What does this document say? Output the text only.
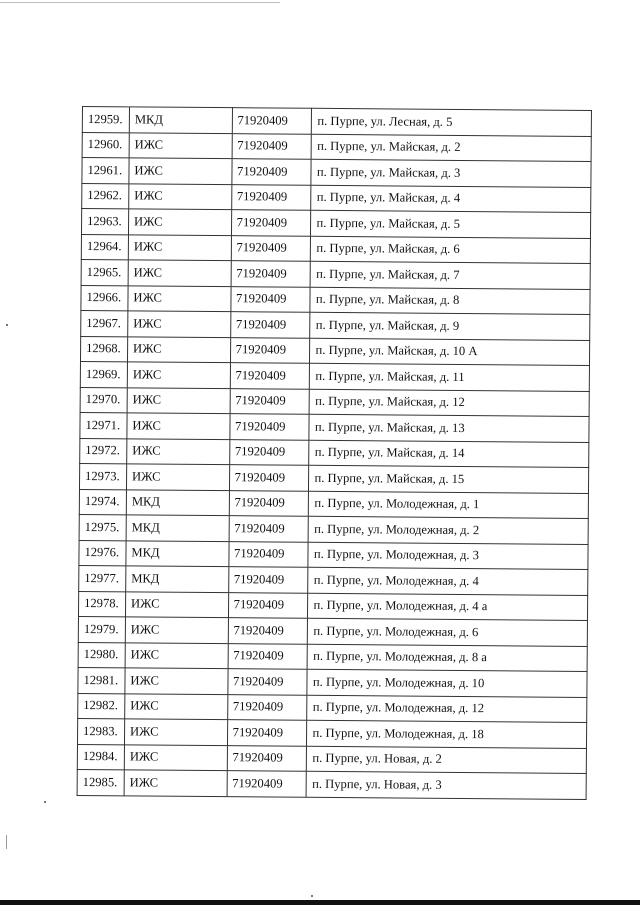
12959.	МКД	71920409	п. Пурпе, ул. Лесная, д. 5
12960.	ИЖС	71920409	п. Пурпе, ул. Майская, д. 2
12961.	ИЖС	71920409	п. Пурпе, ул. Майская, д. 3
12962.	ИЖС	71920409	п. Пурпе, ул. Майская, д. 4
12963.	ИЖС	71920409	п. Пурпе, ул. Майская, д. 5
12964.	ИЖС	71920409	п. Пурпе, ул. Майская, д. 6
12965.	ИЖС	71920409	п. Пурпе, ул. Майская, д. 7
12966.	ИЖС	71920409	п. Пурпе, ул. Майская, д. 8
12967.	ИЖС	71920409	п. Пурпе, ул. Майская, д. 9
12968.	ИЖС	71920409	п. Пурпе, ул. Майская, д. 10 А
12969.	ИЖС	71920409	п. Пурпе, ул. Майская, д. 11
12970.	ИЖС	71920409	п. Пурпе, ул. Майская, д. 12
12971.	ИЖС	71920409	п. Пурпе, ул. Майская, д. 13
12972.	ИЖС	71920409	п. Пурпе, ул. Майская, д. 14
12973.	ИЖС	71920409	п. Пурпе, ул. Майская, д. 15
12974.	МКД	71920409	п. Пурпе, ул. Молодежная, д. 1
12975.	МКД	71920409	п. Пурпе, ул. Молодежная, д. 2
12976.	МКД	71920409	п. Пурпе, ул. Молодежная, д. 3
12977.	МКД	71920409	п. Пурпе, ул. Молодежная, д. 4
12978.	ИЖС	71920409	п. Пурпе, ул. Молодежная, д. 4 а
12979.	ИЖС	71920409	п. Пурпе, ул. Молодежная, д. 6
12980.	ИЖС	71920409	п. Пурпе, ул. Молодежная, д. 8 а
12981.	ИЖС	71920409	п. Пурпе, ул. Молодежная, д. 10
12982.	ИЖС	71920409	п. Пурпе, ул. Молодежная, д. 12
12983.	ИЖС	71920409	п. Пурпе, ул. Молодежная, д. 18
12984.	ИЖС	71920409	п. Пурпе, ул. Новая, д. 2
12985.	ИЖС	71920409	п. Пурпе, ул. Новая, д. 3
